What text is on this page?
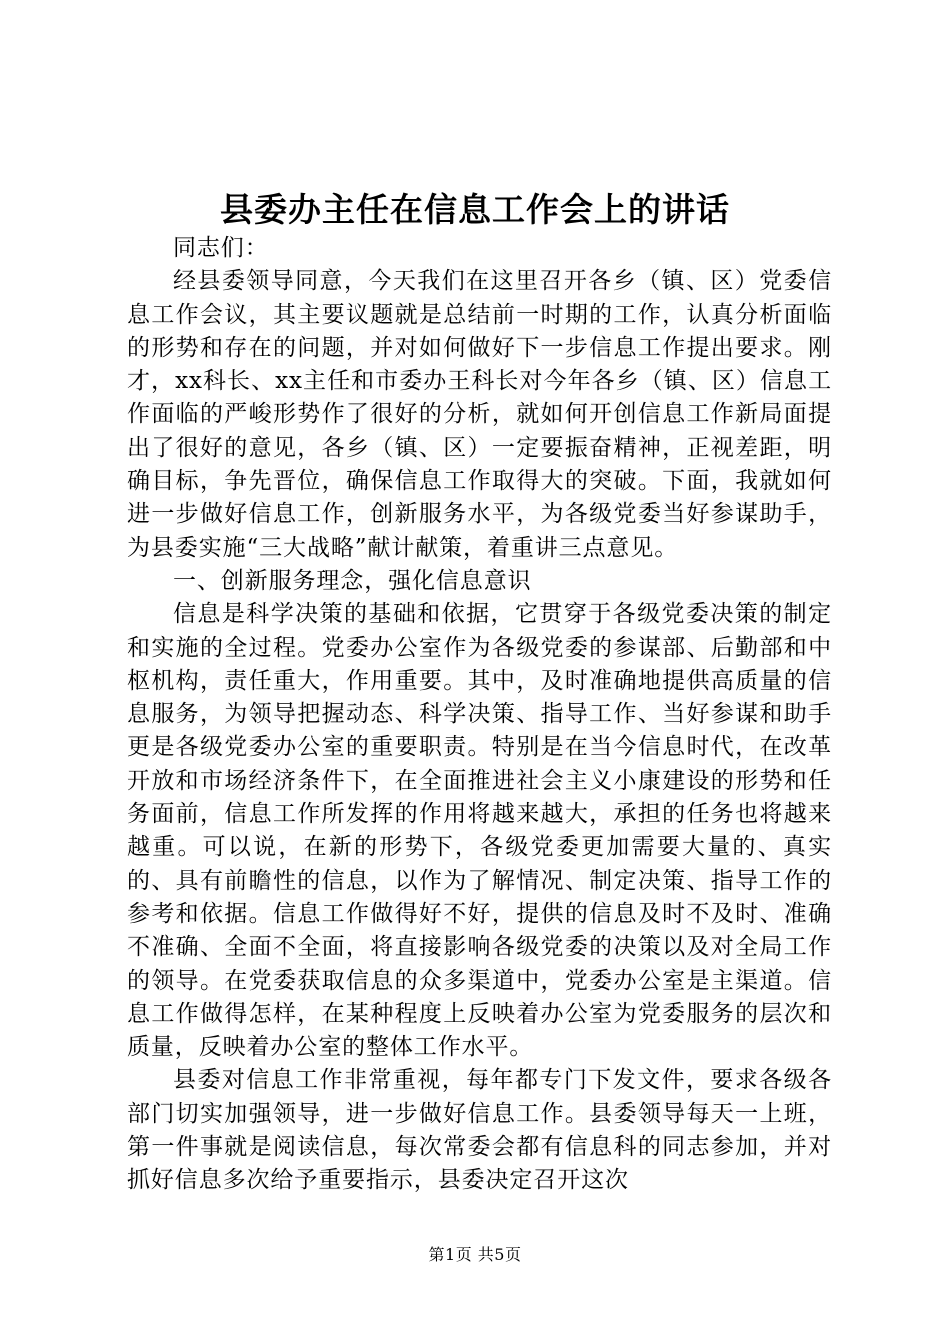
县委办主任在信息工作会上的讲话

同志们：

经县委领导同意，今天我们在这里召开各乡（镇、区）党委信息工作会议，其主要议题就是总结前一时期的工作，认真分析面临的形势和存在的问题，并对如何做好下一步信息工作提出要求。刚才，xx科长、xx主任和市委办王科长对今年各乡（镇、区）信息工作面临的严峻形势作了很好的分析，就如何开创信息工作新局面提出了很好的意见，各乡（镇、区）一定要振奋精神，正视差距，明确目标，争先晋位，确保信息工作取得大的突破。下面，我就如何进一步做好信息工作，创新服务水平，为各级党委当好参谋助手，为县委实施“三大战略”献计献策，着重讲三点意见。

一、创新服务理念，强化信息意识

信息是科学决策的基础和依据，它贯穿于各级党委决策的制定和实施的全过程。党委办公室作为各级党委的参谋部、后勤部和中枢机构，责任重大，作用重要。其中，及时准确地提供高质量的信息服务，为领导把握动态、科学决策、指导工作、当好参谋和助手更是各级党委办公室的重要职责。特别是在当今信息时代，在改革开放和市场经济条件下，在全面推进社会主义小康建设的形势和任务面前，信息工作所发挥的作用将越来越大，承担的任务也将越来越重。可以说，在新的形势下，各级党委更加需要大量的、真实的、具有前瞻性的信息，以作为了解情况、制定决策、指导工作的参考和依据。信息工作做得好不好，提供的信息及时不及时、准确不准确、全面不全面，将直接影响各级党委的决策以及对全局工作的领导。在党委获取信息的众多渠道中，党委办公室是主渠道。信息工作做得怎样，在某种程度上反映着办公室为党委服务的层次和质量，反映着办公室的整体工作水平。

县委对信息工作非常重视，每年都专门下发文件，要求各级各部门切实加强领导，进一步做好信息工作。县委领导每天一上班，第一件事就是阅读信息，每次常委会都有信息科的同志参加，并对抓好信息多次给予重要指示，县委决定召开这次

第1页 共5页
